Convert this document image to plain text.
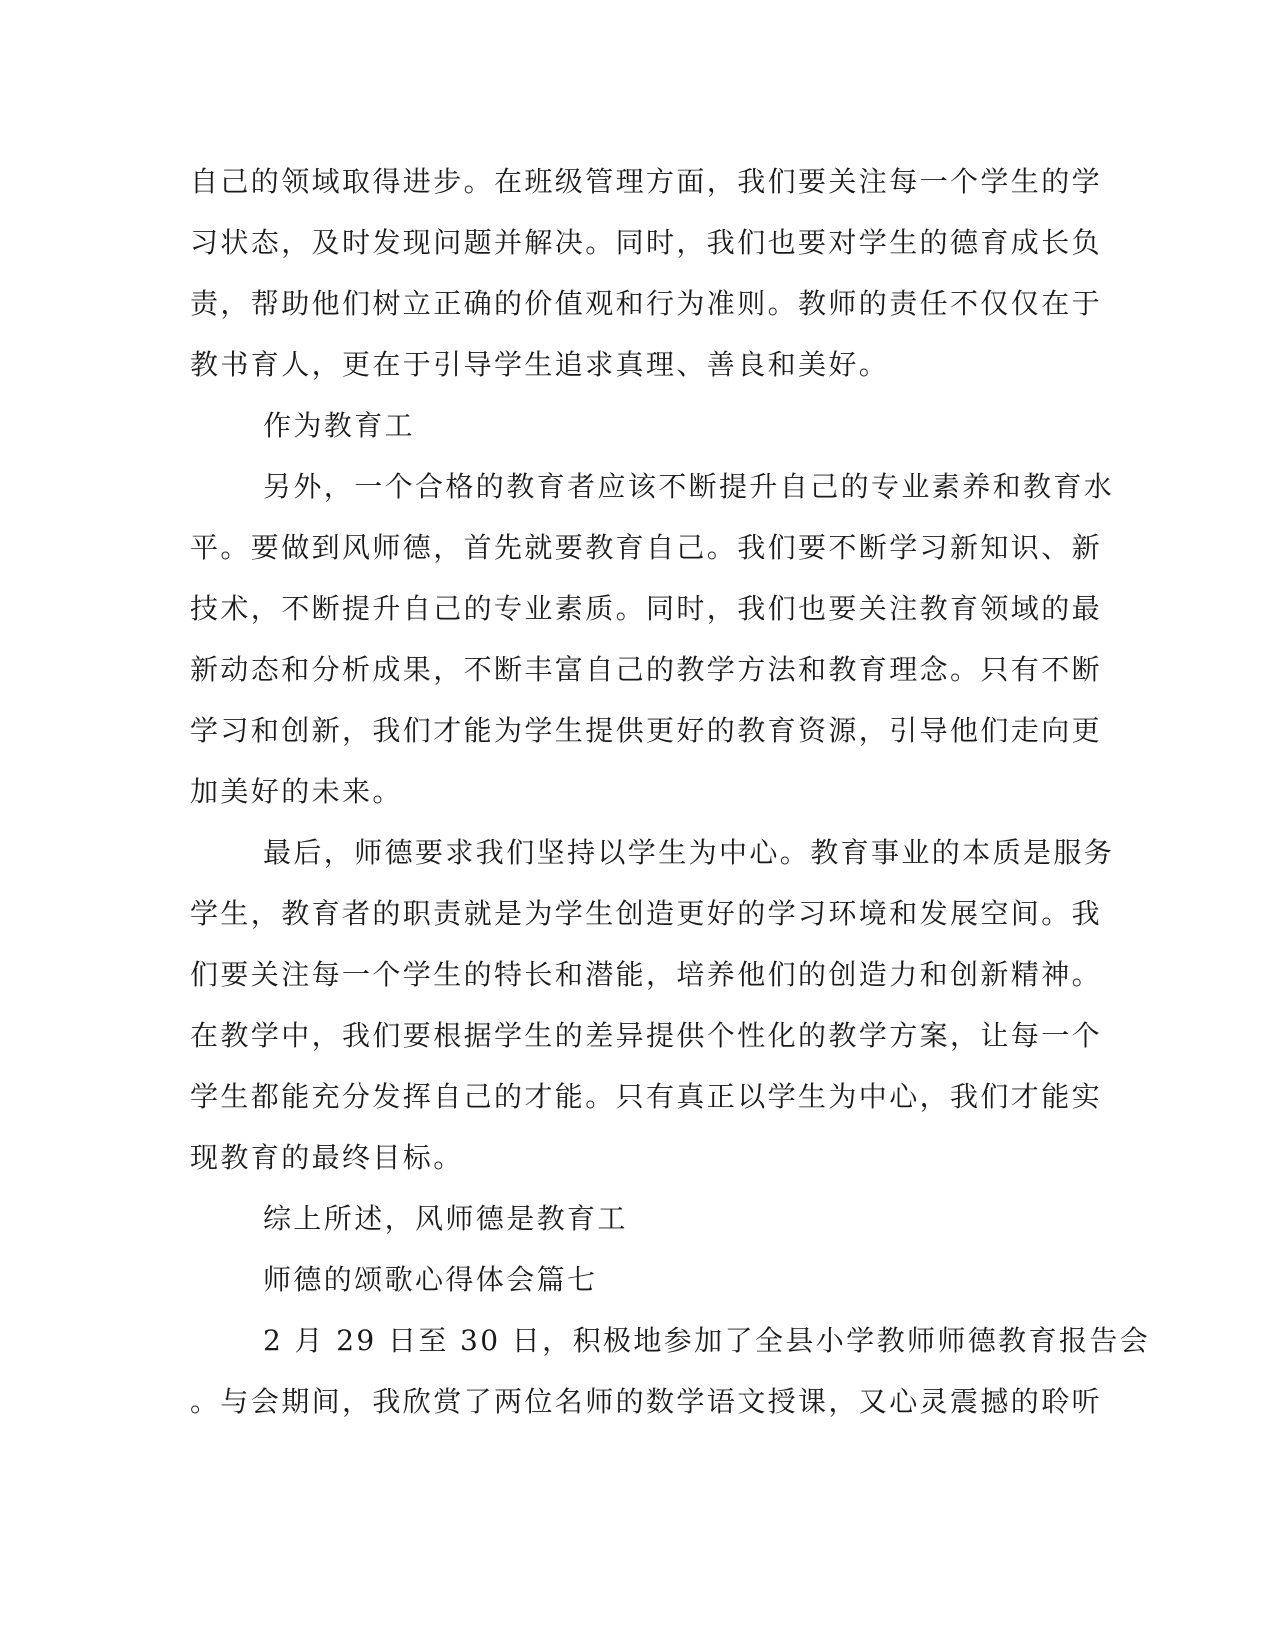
自己的领域取得进步。在班级管理方面，我们要关注每一个学生的学
习状态，及时发现问题并解决。同时，我们也要对学生的德育成长负
责，帮助他们树立正确的价值观和行为准则。教师的责任不仅仅在于
教书育人，更在于引导学生追求真理、善良和美好。
作为教育工
另外，一个合格的教育者应该不断提升自己的专业素养和教育水
平。要做到风师德，首先就要教育自己。我们要不断学习新知识、新
技术，不断提升自己的专业素质。同时，我们也要关注教育领域的最
新动态和分析成果，不断丰富自己的教学方法和教育理念。只有不断
学习和创新，我们才能为学生提供更好的教育资源，引导他们走向更
加美好的未来。
最后，师德要求我们坚持以学生为中心。教育事业的本质是服务
学生，教育者的职责就是为学生创造更好的学习环境和发展空间。我
们要关注每一个学生的特长和潜能，培养他们的创造力和创新精神。
在教学中，我们要根据学生的差异提供个性化的教学方案，让每一个
学生都能充分发挥自己的才能。只有真正以学生为中心，我们才能实
现教育的最终目标。
综上所述，风师德是教育工
师德的颂歌心得体会篇七
2 月 29 日至 30 日，积极地参加了全县小学教师师德教育报告会
。与会期间，我欣赏了两位名师的数学语文授课，又心灵震撼的聆听
